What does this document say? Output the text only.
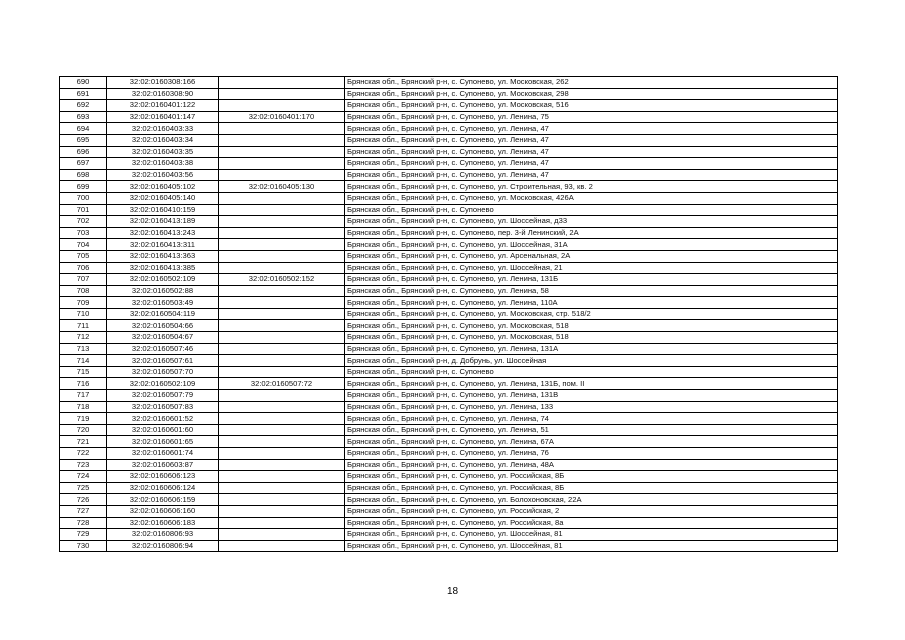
690	32:02:0160308:166		Брянская обл., Брянский р-н, с. Супонево, ул. Московская, 262
691	32:02:0160308:90		Брянская обл., Брянский р-н, с. Супонево, ул. Московская, 298
692	32:02:0160401:122		Брянская обл., Брянский р-н, с. Супонево, ул. Московская, 516
693	32:02:0160401:147	32:02:0160401:170	Брянская обл., Брянский р-н, с. Супонево, ул. Ленина, 75
694	32:02:0160403:33		Брянская обл., Брянский р-н, с. Супонево, ул. Ленина, 47
695	32:02:0160403:34		Брянская обл., Брянский р-н, с. Супонево, ул. Ленина, 47
696	32:02:0160403:35		Брянская обл., Брянский р-н, с. Супонево, ул. Ленина, 47
697	32:02:0160403:38		Брянская обл., Брянский р-н, с. Супонево, ул. Ленина, 47
698	32:02:0160403:56		Брянская обл., Брянский р-н, с. Супонево, ул. Ленина, 47
699	32:02:0160405:102	32:02:0160405:130	Брянская обл., Брянский р-н, с. Супонево, ул. Строительная, 93, кв. 2
700	32:02:0160405:140		Брянская обл., Брянский р-н, с. Супонево, ул. Московская, 426А
701	32:02:0160410:159		Брянская обл., Брянский р-н, с. Супонево
702	32:02:0160413:189		Брянская обл., Брянский р-н, с. Супонево, ул. Шоссейная, д33
703	32:02:0160413:243		Брянская обл., Брянский р-н, с. Супонево, пер. 3-й Ленинский, 2А
704	32:02:0160413:311		Брянская обл., Брянский р-н, с. Супонево, ул. Шоссейная, 31А
705	32:02:0160413:363		Брянская обл., Брянский р-н, с. Супонево, ул. Арсенальная, 2А
706	32:02:0160413:385		Брянская обл., Брянский р-н, с. Супонево, ул. Шоссейная, 21
707	32:02:0160502:109	32:02:0160502:152	Брянская обл., Брянский р-н, с. Супонево, ул. Ленина, 131Б
708	32:02:0160502:88		Брянская обл., Брянский р-н, с. Супонево, ул. Ленина, 58
709	32:02:0160503:49		Брянская обл., Брянский р-н, с. Супонево, ул. Ленина, 110А
710	32:02:0160504:119		Брянская обл., Брянский р-н, с. Супонево, ул. Московская, стр. 518/2
711	32:02:0160504:66		Брянская обл., Брянский р-н, с. Супонево, ул. Московская, 518
712	32:02:0160504:67		Брянская обл., Брянский р-н, с. Супонево, ул. Московская, 518
713	32:02:0160507:46		Брянская обл., Брянский р-н, с. Супонево, ул. Ленина, 131А
714	32:02:0160507:61		Брянская обл., Брянский р-н, д. Добрунь, ул. Шоссейная
715	32:02:0160507:70		Брянская обл., Брянский р-н, с. Супонево
716	32:02:0160502:109	32:02:0160507:72	Брянская обл., Брянский р-н, с. Супонево, ул. Ленина, 131Б, пом. II
717	32:02:0160507:79		Брянская обл., Брянский р-н, с. Супонево, ул. Ленина, 131В
718	32:02:0160507:83		Брянская обл., Брянский р-н, с. Супонево, ул. Ленина, 133
719	32:02:0160601:52		Брянская обл., Брянский р-н, с. Супонево, ул. Ленина, 74
720	32:02:0160601:60		Брянская обл., Брянский р-н, с. Супонево, ул. Ленина, 51
721	32:02:0160601:65		Брянская обл., Брянский р-н, с. Супонево, ул. Ленина, 67А
722	32:02:0160601:74		Брянская обл., Брянский р-н, с. Супонево, ул. Ленина, 76
723	32:02:0160603:87		Брянская обл., Брянский р-н, с. Супонево, ул. Ленина, 48А
724	32:02:0160606:123		Брянская обл., Брянский р-н, с. Супонево, ул. Российская, 8Б
725	32:02:0160606:124		Брянская обл., Брянский р-н, с. Супонево, ул. Российская, 8Б
726	32:02:0160606:159		Брянская обл., Брянский р-н, с. Супонево, ул. Болохоновская, 22А
727	32:02:0160606:160		Брянская обл., Брянский р-н, с. Супонево, ул. Российская, 2
728	32:02:0160606:183		Брянская обл., Брянский р-н, с. Супонево, ул. Российская, 8а
729	32:02:0160806:93		Брянская обл., Брянский р-н, с. Супонево, ул. Шоссейная, 81
730	32:02:0160806:94		Брянская обл., Брянский р-н, с. Супонево, ул. Шоссейная, 81
18
